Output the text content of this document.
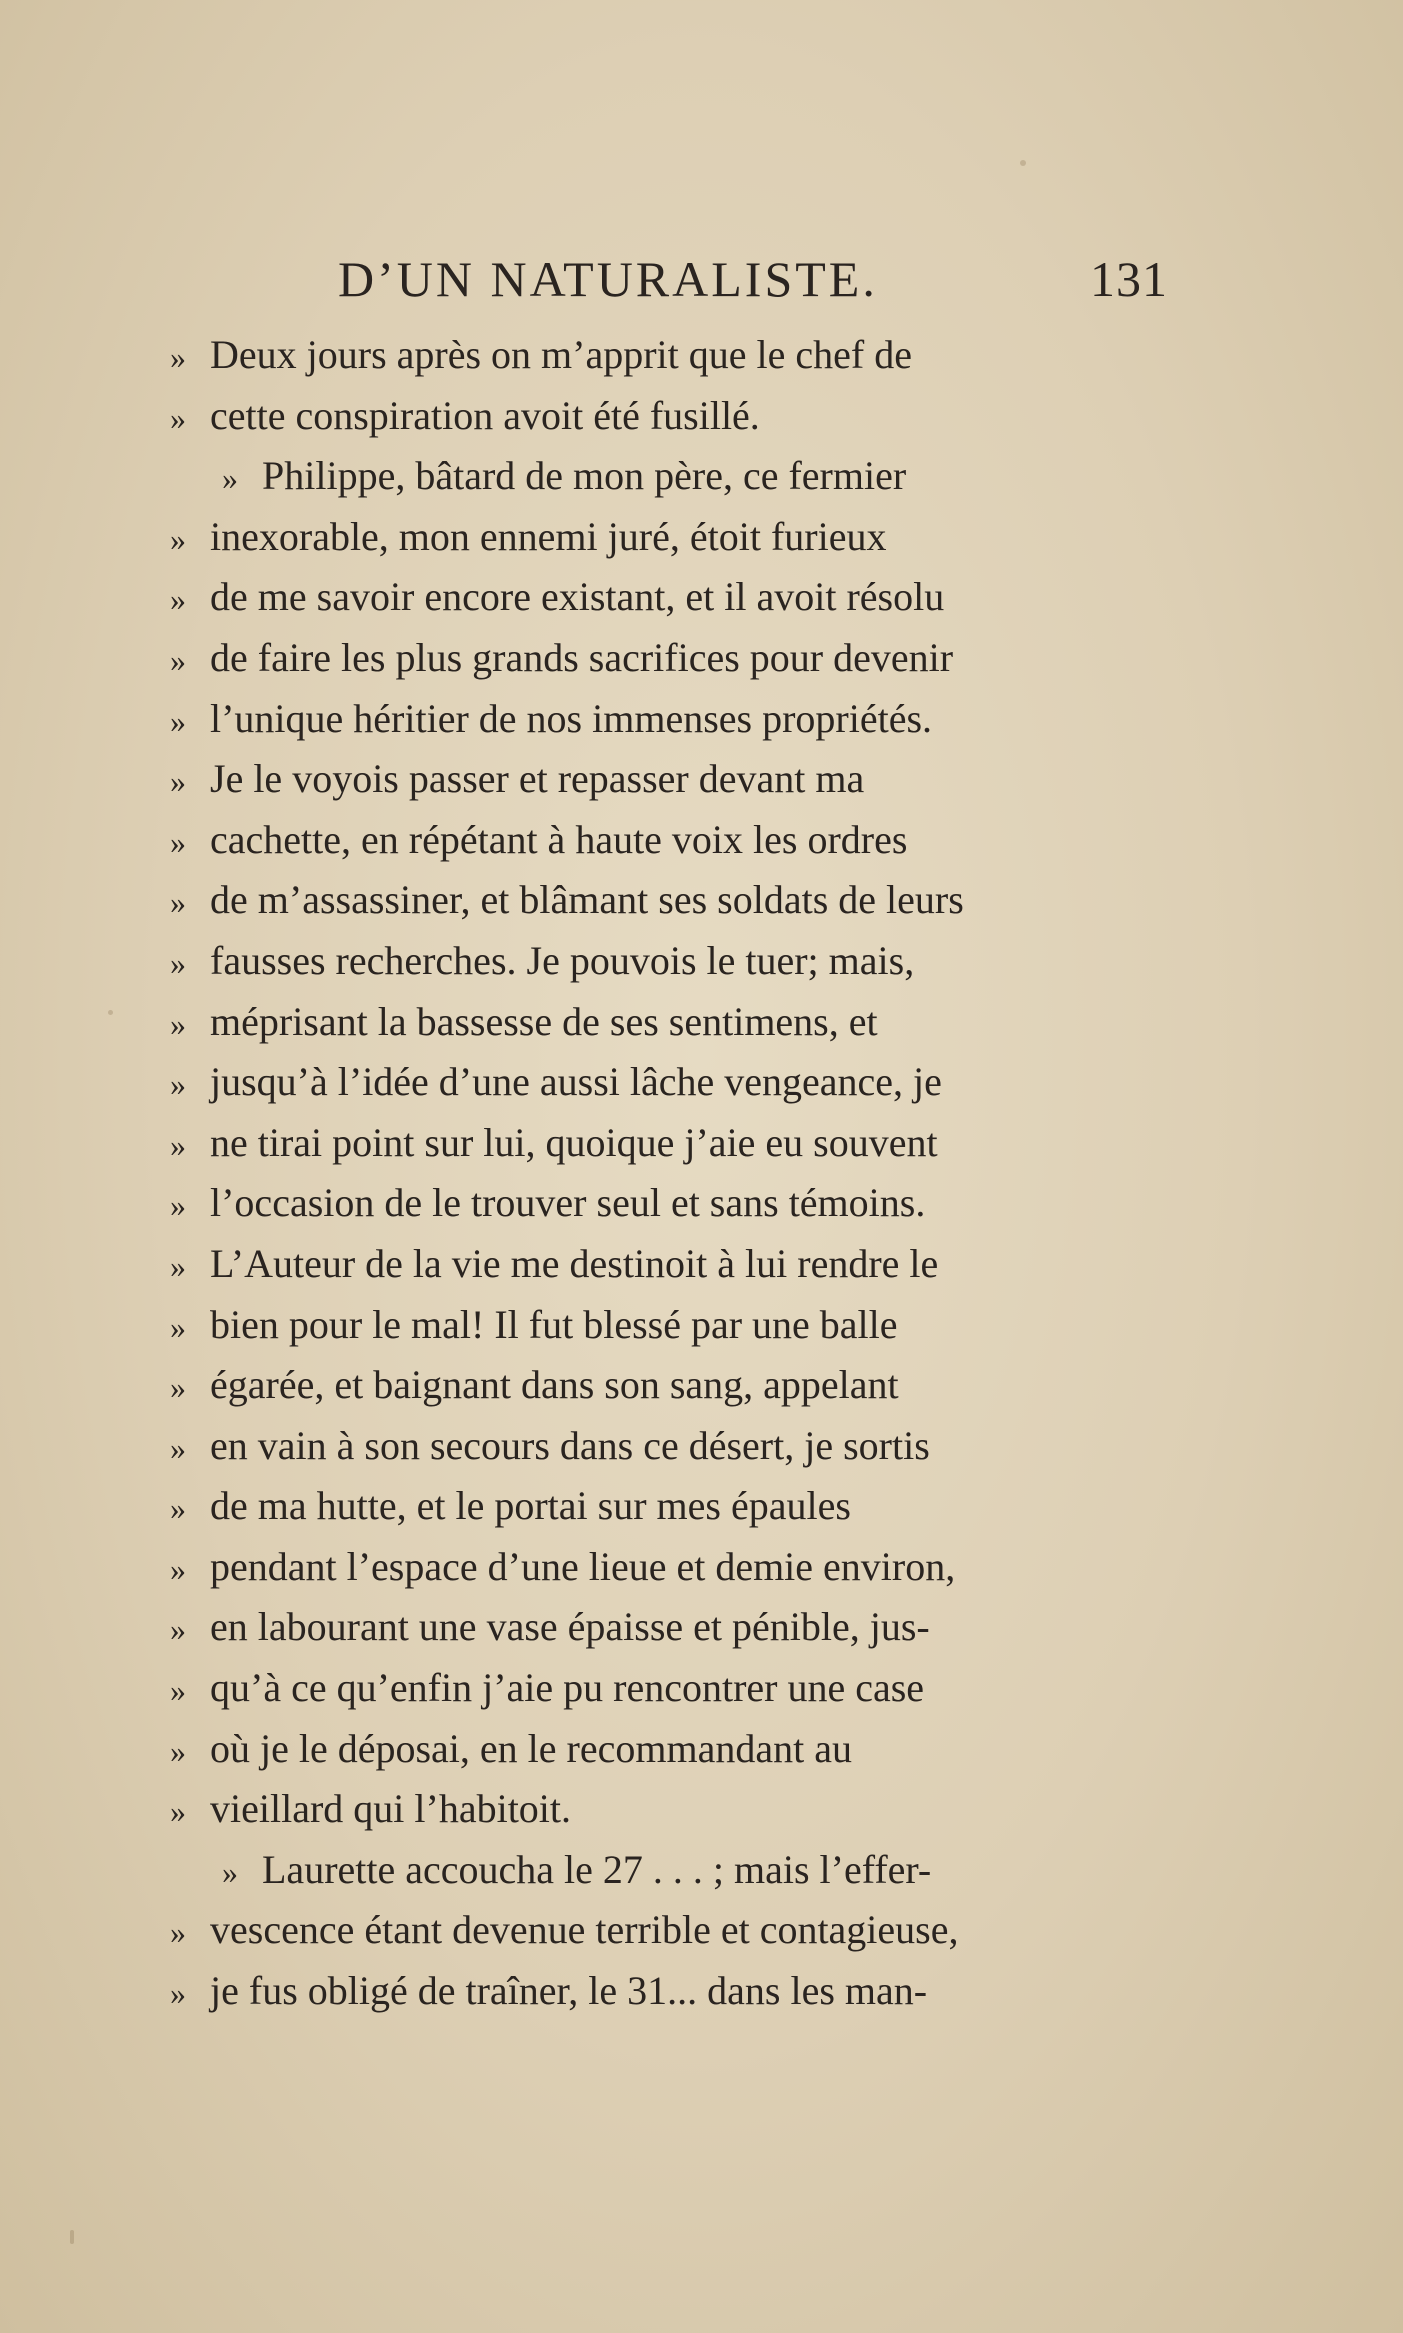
D’UN NATURALISTE.	131
» Deux jours après on m’apprit que le chef de
» cette conspiration avoit été fusillé.
» Philippe, bâtard de mon père, ce fermier
» inexorable, mon ennemi juré, étoit furieux
» de me savoir encore existant, et il avoit résolu
» de faire les plus grands sacrifices pour devenir
» l’unique héritier de nos immenses propriétés.
» Je le voyois passer et repasser devant ma
» cachette, en répétant à haute voix les ordres
» de m’assassiner, et blâmant ses soldats de leurs
» fausses recherches. Je pouvois le tuer; mais,
» méprisant la bassesse de ses sentimens, et
» jusqu’à l’idée d’une aussi lâche vengeance, je
» ne tirai point sur lui, quoique j’aie eu souvent
» l’occasion de le trouver seul et sans témoins.
» L’Auteur de la vie me destinoit à lui rendre le
» bien pour le mal! Il fut blessé par une balle
» égarée, et baignant dans son sang, appelant
» en vain à son secours dans ce désert, je sortis
» de ma hutte, et le portai sur mes épaules
» pendant l’espace d’une lieue et demie environ,
» en labourant une vase épaisse et pénible, jus-
» qu’à ce qu’enfin j’aie pu rencontrer une case
» où je le déposai, en le recommandant au
» vieillard qui l’habitoit.
» Laurette accoucha le 27 . . . ; mais l’effer-
» vescence étant devenue terrible et contagieuse,
» je fus obligé de traîner, le 31... dans les man-
